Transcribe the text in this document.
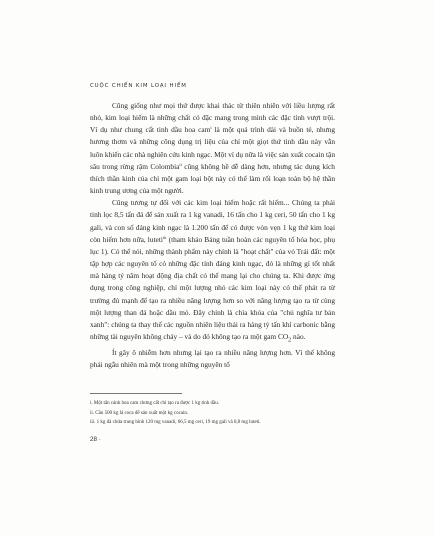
CUỘC CHIẾN KIM LOẠI HIẾM

Cũng giống như mọi thứ được khai thác từ thiên nhiên với liều lượng rất nhỏ, kim loại hiếm là những chất có đặc mang trong mình các đặc tính vượt trội. Ví dụ như chung cất tinh dầu hoa cam$^i$ là một quá trình dài và buồn tẻ, nhưng hương thơm và những công dụng trị liệu của chỉ một giọt thứ tinh dầu này vẫn luôn khiến các nhà nghiên cứu kinh ngạc. Một ví dụ nữa là việc sản xuất cocain tận sâu trong rừng rậm Colombia$^{ii}$ cũng không hề dễ dàng hơn, nhưng tác dụng kích thích thần kinh của chỉ một gam loại bột này có thể làm rối loạn toàn bộ hệ thần kinh trung ương của một người.

Cũng tương tự đối với các kim loại hiếm hoặc rất hiếm... Chúng ta phải tinh lọc 8,5 tấn đá để sản xuất ra 1 kg vanadi, 16 tấn cho 1 kg ceri, 50 tấn cho 1 kg gali, và con số đáng kinh ngạc là 1.200 tấn để có được vỏn vẹn 1 kg thứ kim loại còn hiếm hơn nữa, luteti$^{iii}$ (tham khảo Bảng tuần hoàn các nguyên tố hóa học, phụ lục 1). Có thể nói, những thành phẩm này chính là "hoạt chất" của vỏ Trái đất: một tập hợp các nguyên tố có những đặc tính đáng kinh ngạc, đó là những gì tốt nhất mà hàng tỷ năm hoạt động địa chất có thể mang lại cho chúng ta. Khi được ứng dụng trong công nghiệp, chỉ một lượng nhỏ các kim loại này có thể phát ra từ trường đủ mạnh để tạo ra nhiều năng lượng hơn so với năng lượng tạo ra từ cùng một lượng than đá hoặc dầu mỏ. Đây chính là chìa khóa của "chủ nghĩa tư bản xanh": chúng ta thay thế các nguồn nhiên liệu thải ra hàng tỷ tấn khí carbonic bằng những tài nguyên không cháy – và do đó không tạo ra một gam $CO_2$ nào.

Ít gây ô nhiễm hơn nhưng lại tạo ra nhiều năng lượng hơn. Vì thế không phải ngẫu nhiên mà một trong những nguyên tố

i. Một tấn cánh hoa cam chưng cất chỉ tạo ra được 1 kg tinh dầu.
ii. Cần 500 kg lá coca để sản xuất một kg cocain.
iii. 1 kg đá chứa trung bình 120 mg vanadi, 66,5 mg ceri, 19 mg gali và 0,8 mg luteti.
28 ·
